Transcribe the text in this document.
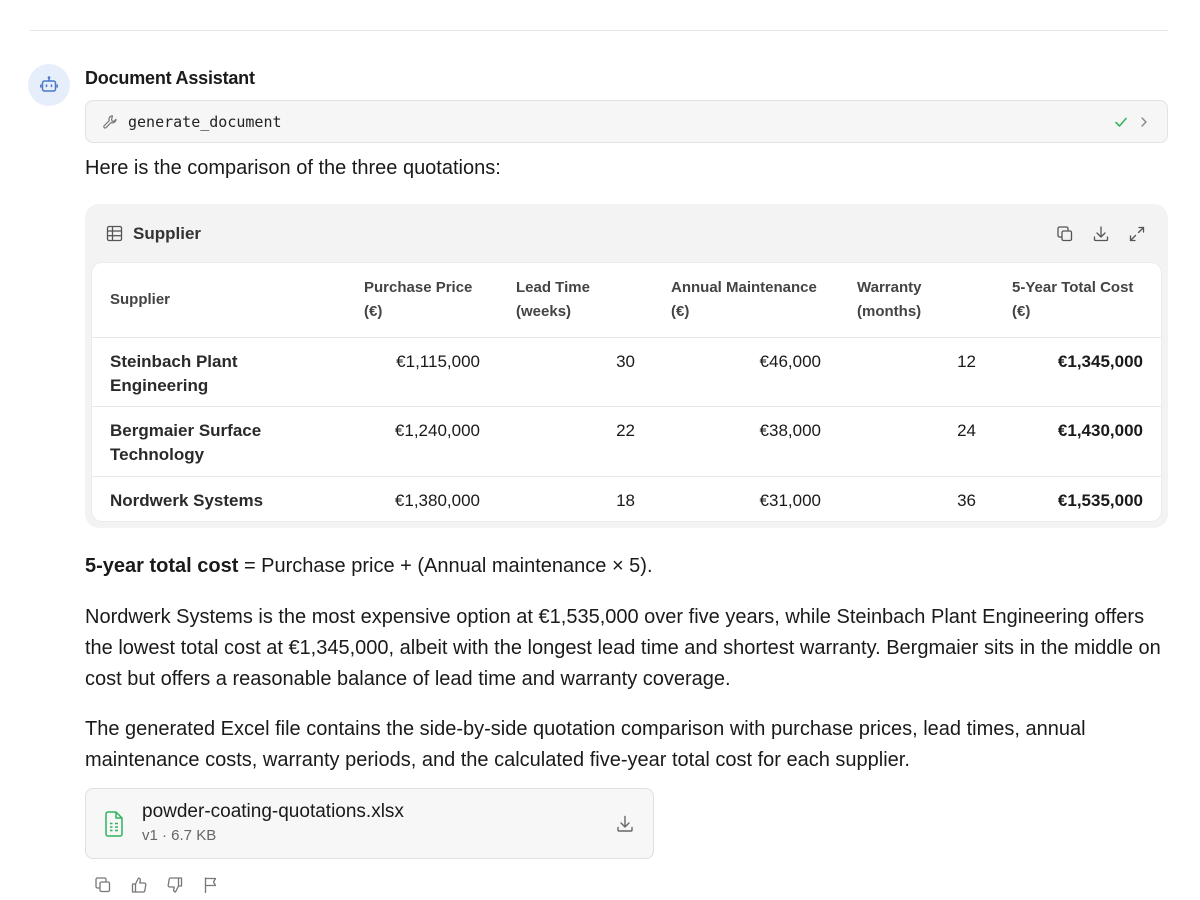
Document Assistant
generate_document
Here is the comparison of the three quotations:
Supplier
Supplier	Purchase Price (€)	Lead Time (weeks)	Annual Maintenance (€)	Warranty (months)	5-Year Total Cost (€)
Steinbach Plant Engineering	€1,115,000	30	€46,000	12	€1,345,000
Bergmaier Surface Technology	€1,240,000	22	€38,000	24	€1,430,000
Nordwerk Systems	€1,380,000	18	€31,000	36	€1,535,000
5-year total cost = Purchase price + (Annual maintenance × 5).
Nordwerk Systems is the most expensive option at €1,535,000 over five years, while Steinbach Plant Engineering offers the lowest total cost at €1,345,000, albeit with the longest lead time and shortest warranty. Bergmaier sits in the middle on cost but offers a reasonable balance of lead time and warranty coverage.
The generated Excel file contains the side-by-side quotation comparison with purchase prices, lead times, annual maintenance costs, warranty periods, and the calculated five-year total cost for each supplier.
powder-coating-quotations.xlsx
v1 · 6.7 KB
